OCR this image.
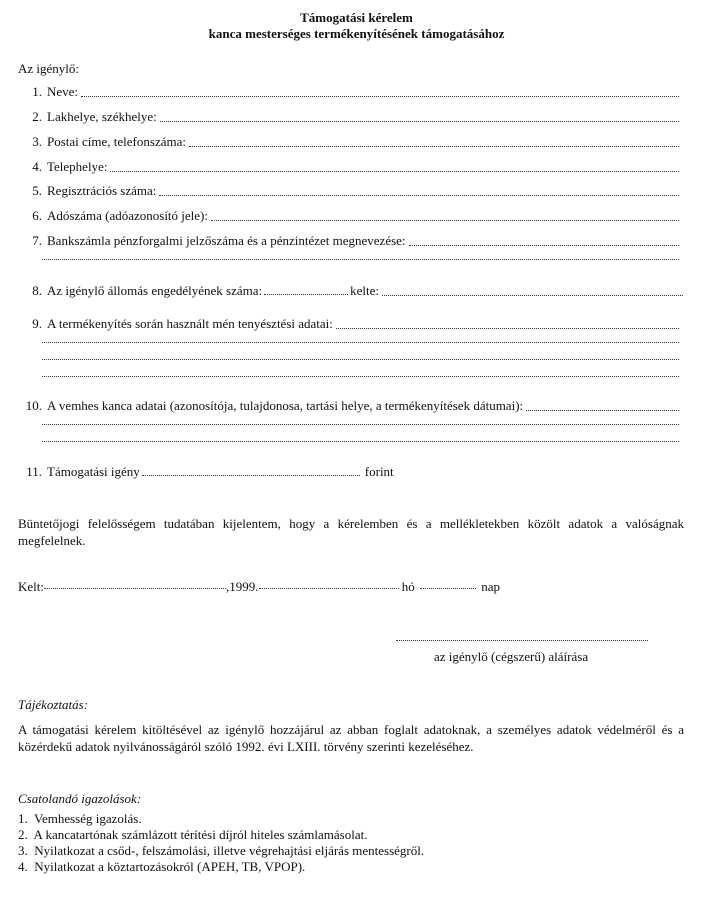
Támogatási kérelem
kanca mesterséges termékenyítésének támogatásához
Az igénylő:
1. Neve:
2. Lakhelye, székhelye:
3. Postai címe, telefonszáma:
4. Telephelye:
5. Regisztrációs száma:
6. Adószáma (adóazonosító jele):
7. Bankszámla pénzforgalmi jelzőszáma és a pénzintézet megnevezése:
8. Az igénylő állomás engedélyének száma:	kelte:
9. A termékenyítés során használt mén tenyésztési adatai:
10. A vemhes kanca adatai (azonosítója, tulajdonosa, tartási helye, a termékenyítések dátumai):
11. Támogatási igény	forint
Büntetőjogi felelősségem tudatában kijelentem, hogy a kérelemben és a mellékletekben közölt adatok a valóságnak megfelelnek.
Kelt:	,1999.	hó	nap
az igénylő (cégszerű) aláírása
Tájékoztatás:
A támogatási kérelem kitöltésével az igénylő hozzájárul az abban foglalt adatoknak, a személyes adatok védelméről és a közérdekű adatok nyilvánosságáról szóló 1992. évi LXIII. törvény szerinti kezeléséhez.
Csatolandó igazolások:
1.  Vemhesség igazolás.
2.  A kancatartónak számlázott térítési díjról hiteles számlamásolat.
3.  Nyilatkozat a csőd-, felszámolási, illetve végrehajtási eljárás mentességről.
4.  Nyilatkozat a köztartozásokról (APEH, TB, VPOP).
